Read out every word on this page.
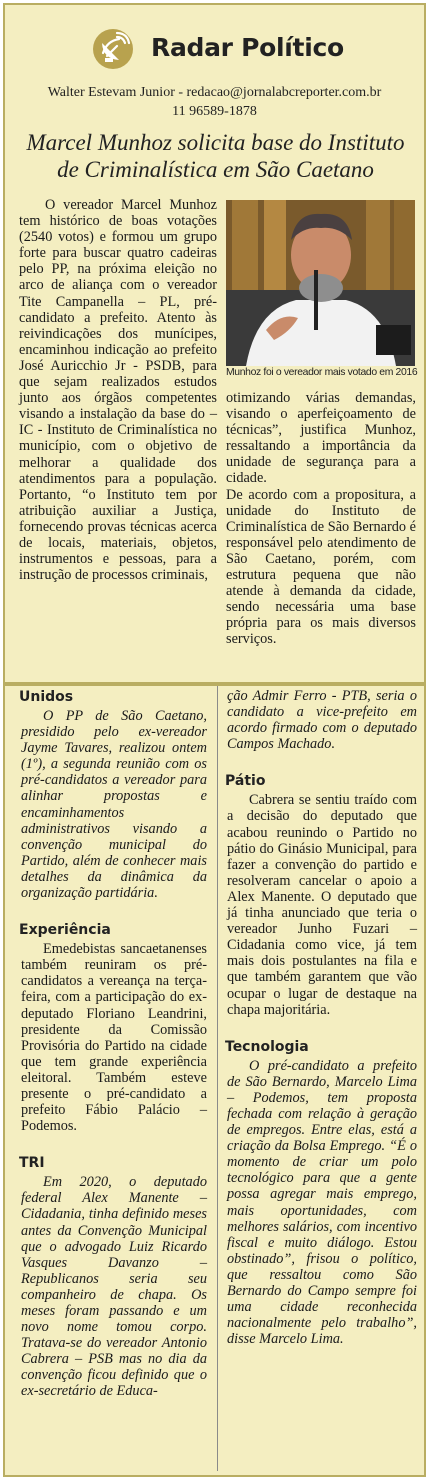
Radar Político
Walter Estevam Junior - redacao@jornalabcreporter.com.br
11 96589-1878
Marcel Munhoz solicita base do Instituto de Criminalística em São Caetano

O vereador Marcel Munhoz tem histórico de boas votações (2540 votos) e formou um grupo forte para buscar quatro cadeiras pelo PP, na próxima eleição no arco de aliança com o vereador Tite Campanella – PL, pré-candidato a prefeito. Atento às reivindicações dos munícipes, encaminhou indicação ao prefeito José Auricchio Jr - PSDB, para que sejam realizados estudos junto aos órgãos competentes visando a instalação da base do – IC - Instituto de Criminalística no município, com o objetivo de melhorar a qualidade dos atendimentos para a população. Portanto, “o Instituto tem por atribuição auxiliar a Justiça, fornecendo provas técnicas acerca de locais, materiais, objetos, instrumentos e pessoas, para a instrução de processos criminais,

Munhoz foi o vereador mais votado em 2016

otimizando várias demandas, visando o aperfeiçoamento de técnicas”, justifica Munhoz, ressaltando a importância da unidade de segurança para a cidade.

De acordo com a propositura, a unidade do Instituto de Criminalística de São Bernardo é responsável pelo atendimento de São Caetano, porém, com estrutura pequena que não atende à demanda da cidade, sendo necessária uma base própria para os mais diversos serviços.

Unidos

O PP de São Caetano, presidido pelo ex-vereador Jayme Tavares, realizou ontem (1º), a segunda reunião com os pré-candidatos a vereador para alinhar propostas e encaminhamentos administrativos visando a convenção municipal do Partido, além de conhecer mais detalhes da dinâmica da organização partidária.

Experiência

Emedebistas sancaetanenses também reuniram os pré-candidatos a vereança na terça-feira, com a participação do ex-deputado Floriano Leandrini, presidente da Comissão Provisória do Partido na cidade que tem grande experiência eleitoral. Também esteve presente o pré-candidato a prefeito Fábio Palácio – Podemos.

TRI

Em 2020, o deputado federal Alex Manente – Cidadania, tinha definido meses antes da Convenção Municipal que o advogado Luiz Ricardo Vasques Davanzo – Republicanos seria seu companheiro de chapa. Os meses foram passando e um novo nome tomou corpo. Tratava-se do vereador Antonio Cabrera – PSB mas no dia da convenção ficou definido que o ex-secretário de Educa-

ção Admir Ferro - PTB, seria o candidato a vice-prefeito em acordo firmado com o deputado Campos Machado.

Pátio

Cabrera se sentiu traído com a decisão do deputado que acabou reunindo o Partido no pátio do Ginásio Municipal, para fazer a convenção do partido e resolveram cancelar o apoio a Alex Manente. O deputado que já tinha anunciado que teria o vereador Junho Fuzari – Cidadania como vice, já tem mais dois postulantes na fila e que também garantem que vão ocupar o lugar de destaque na chapa majoritária.

Tecnologia

O pré-candidato a prefeito de São Bernardo, Marcelo Lima – Podemos, tem proposta fechada com relação à geração de empregos. Entre elas, está a criação da Bolsa Emprego. “É o momento de criar um polo tecnológico para que a gente possa agregar mais emprego, mais oportunidades, com melhores salários, com incentivo fiscal e muito diálogo. Estou obstinado”, frisou o político, que ressaltou como São Bernardo do Campo sempre foi uma cidade reconhecida nacionalmente pelo trabalho”, disse Marcelo Lima.
